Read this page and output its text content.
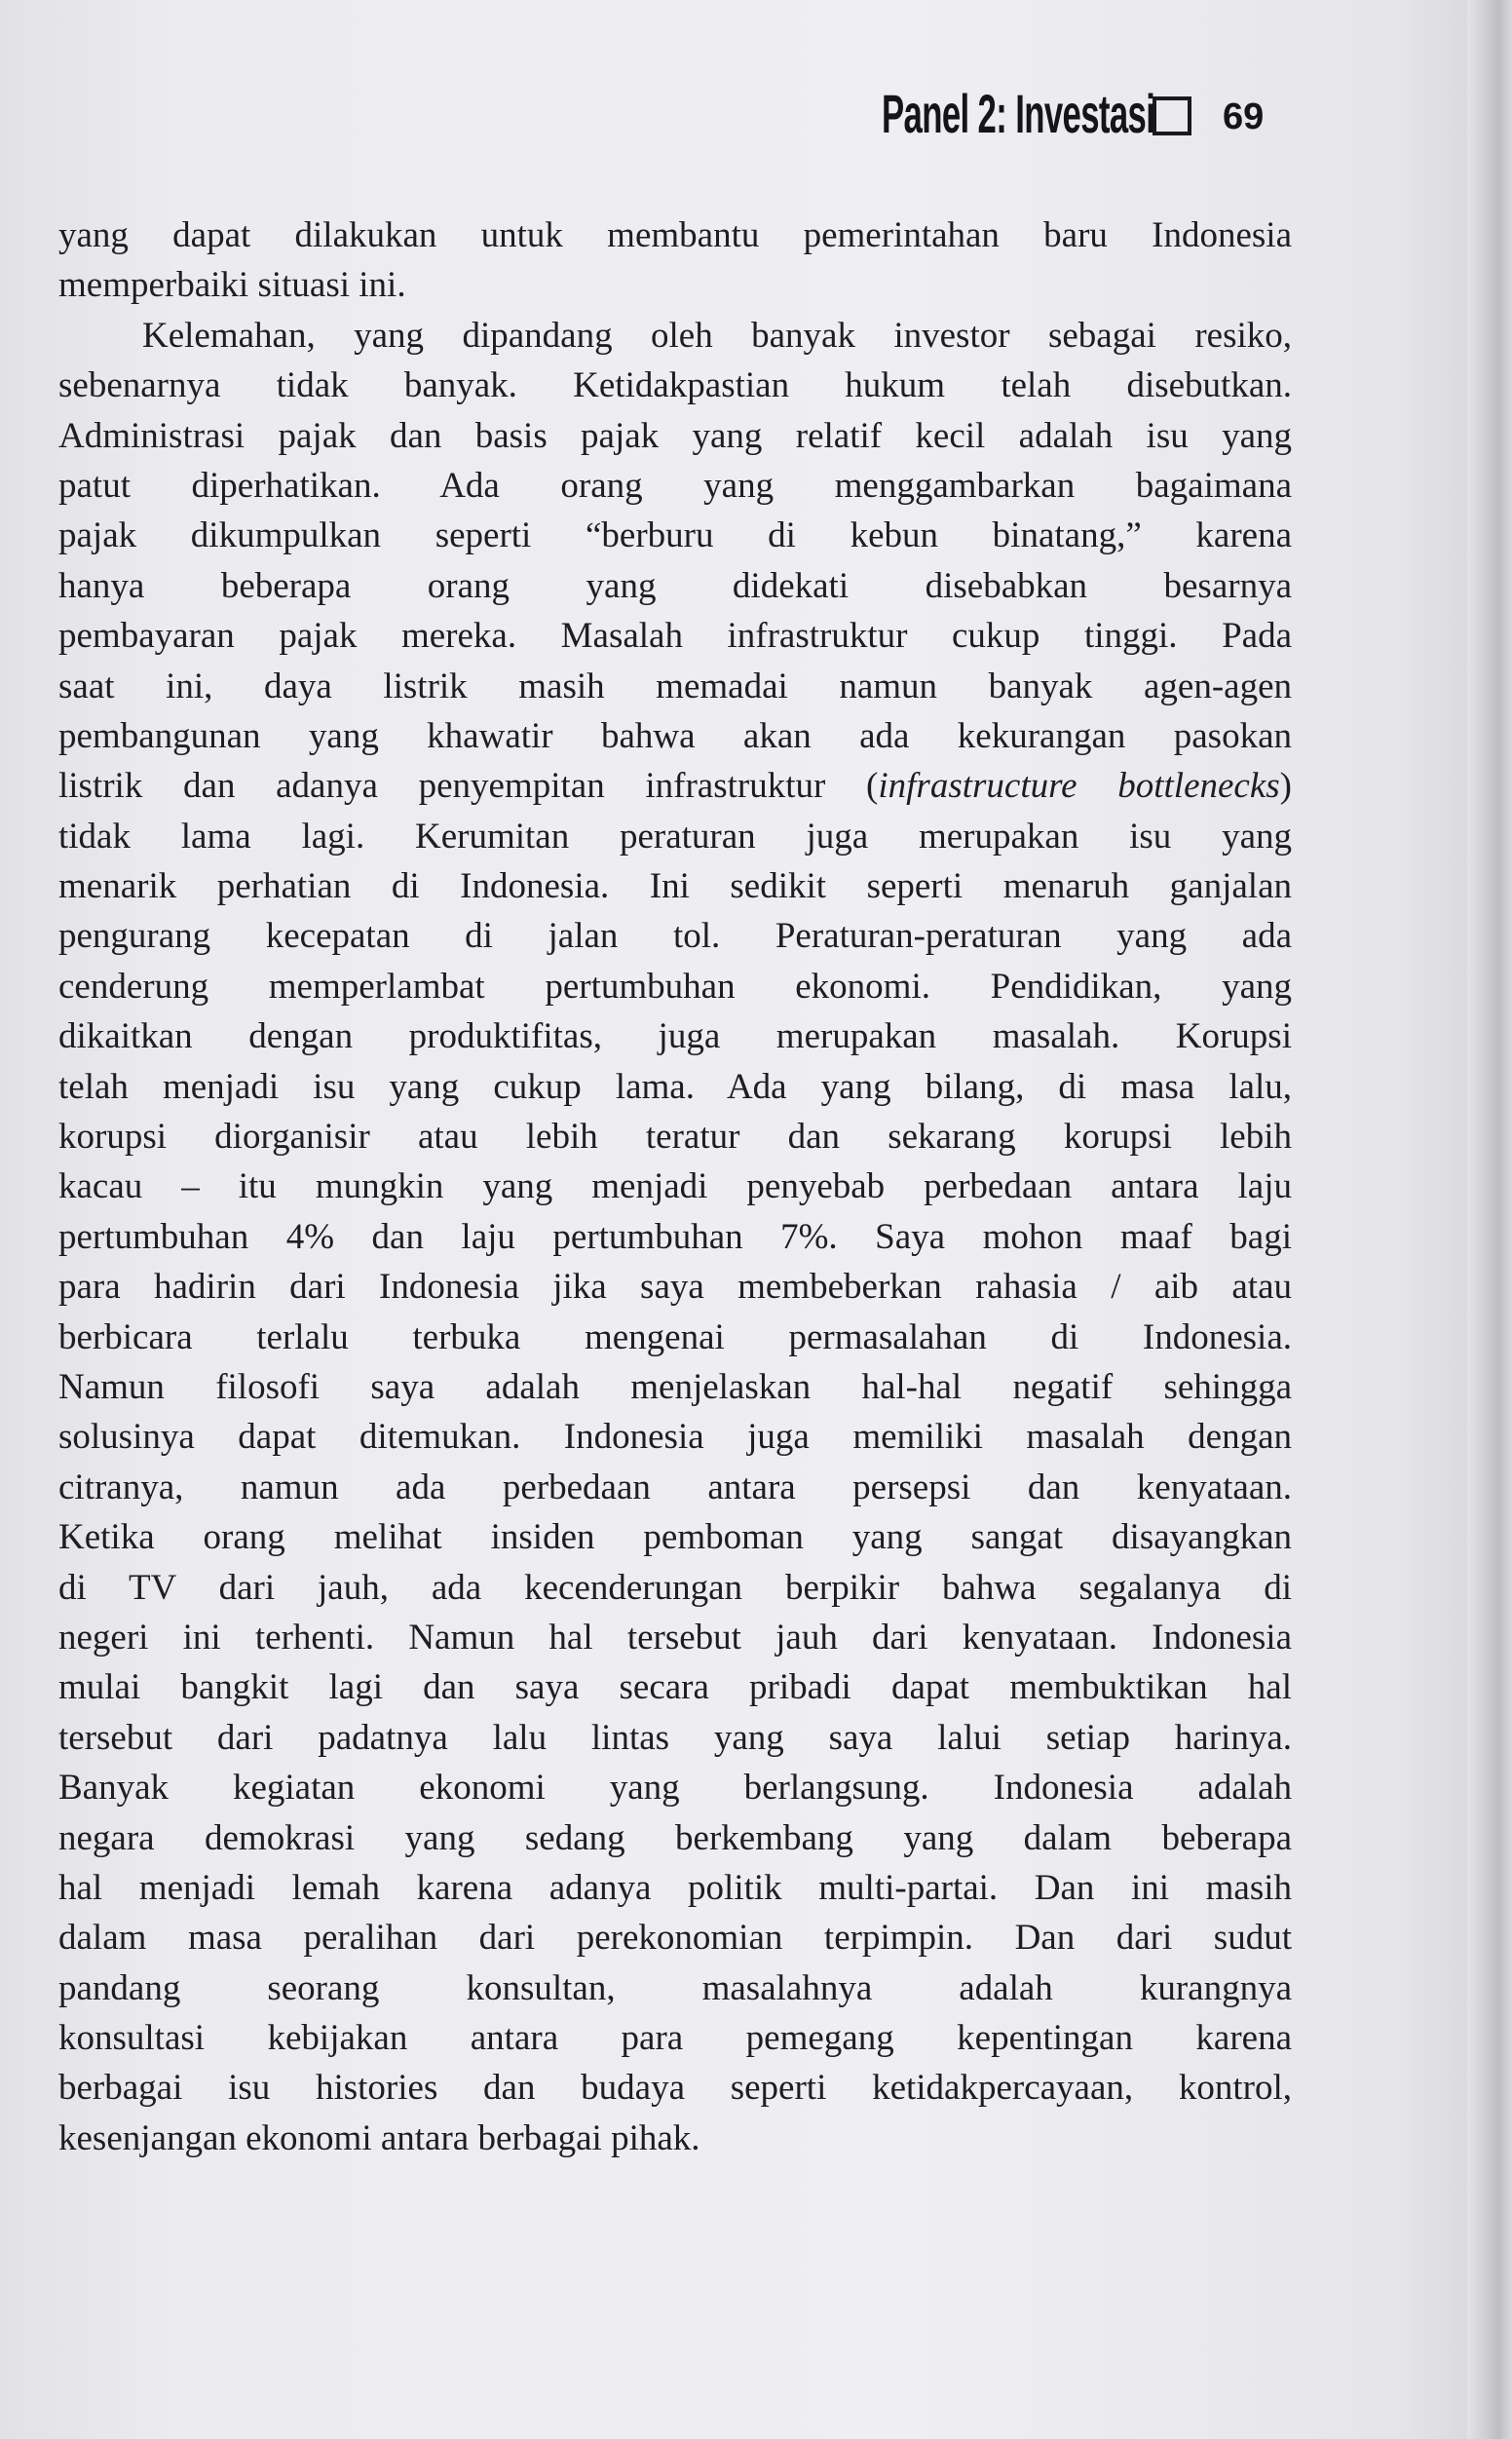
Panel 2: Investasi 69
yang dapat dilakukan untuk membantu pemerintahan baru Indonesia
memperbaiki situasi ini.
Kelemahan, yang dipandang oleh banyak investor sebagai resiko,
sebenarnya tidak banyak. Ketidakpastian hukum telah disebutkan.
Administrasi pajak dan basis pajak yang relatif kecil adalah isu yang
patut diperhatikan. Ada orang yang menggambarkan bagaimana
pajak dikumpulkan seperti “berburu di kebun binatang,” karena
hanya beberapa orang yang didekati disebabkan besarnya
pembayaran pajak mereka. Masalah infrastruktur cukup tinggi. Pada
saat ini, daya listrik masih memadai namun banyak agen-agen
pembangunan yang khawatir bahwa akan ada kekurangan pasokan
listrik dan adanya penyempitan infrastruktur (infrastructure bottlenecks)
tidak lama lagi. Kerumitan peraturan juga merupakan isu yang
menarik perhatian di Indonesia. Ini sedikit seperti menaruh ganjalan
pengurang kecepatan di jalan tol. Peraturan-peraturan yang ada
cenderung memperlambat pertumbuhan ekonomi. Pendidikan, yang
dikaitkan dengan produktifitas, juga merupakan masalah. Korupsi
telah menjadi isu yang cukup lama. Ada yang bilang, di masa lalu,
korupsi diorganisir atau lebih teratur dan sekarang korupsi lebih
kacau – itu mungkin yang menjadi penyebab perbedaan antara laju
pertumbuhan 4% dan laju pertumbuhan 7%. Saya mohon maaf bagi
para hadirin dari Indonesia jika saya membeberkan rahasia / aib atau
berbicara terlalu terbuka mengenai permasalahan di Indonesia.
Namun filosofi saya adalah menjelaskan hal-hal negatif sehingga
solusinya dapat ditemukan. Indonesia juga memiliki masalah dengan
citranya, namun ada perbedaan antara persepsi dan kenyataan.
Ketika orang melihat insiden pemboman yang sangat disayangkan
di TV dari jauh, ada kecenderungan berpikir bahwa segalanya di
negeri ini terhenti. Namun hal tersebut jauh dari kenyataan. Indonesia
mulai bangkit lagi dan saya secara pribadi dapat membuktikan hal
tersebut dari padatnya lalu lintas yang saya lalui setiap harinya.
Banyak kegiatan ekonomi yang berlangsung. Indonesia adalah
negara demokrasi yang sedang berkembang yang dalam beberapa
hal menjadi lemah karena adanya politik multi-partai. Dan ini masih
dalam masa peralihan dari perekonomian terpimpin. Dan dari sudut
pandang seorang konsultan, masalahnya adalah kurangnya
konsultasi kebijakan antara para pemegang kepentingan karena
berbagai isu histories dan budaya seperti ketidakpercayaan, kontrol,
kesenjangan ekonomi antara berbagai pihak.
